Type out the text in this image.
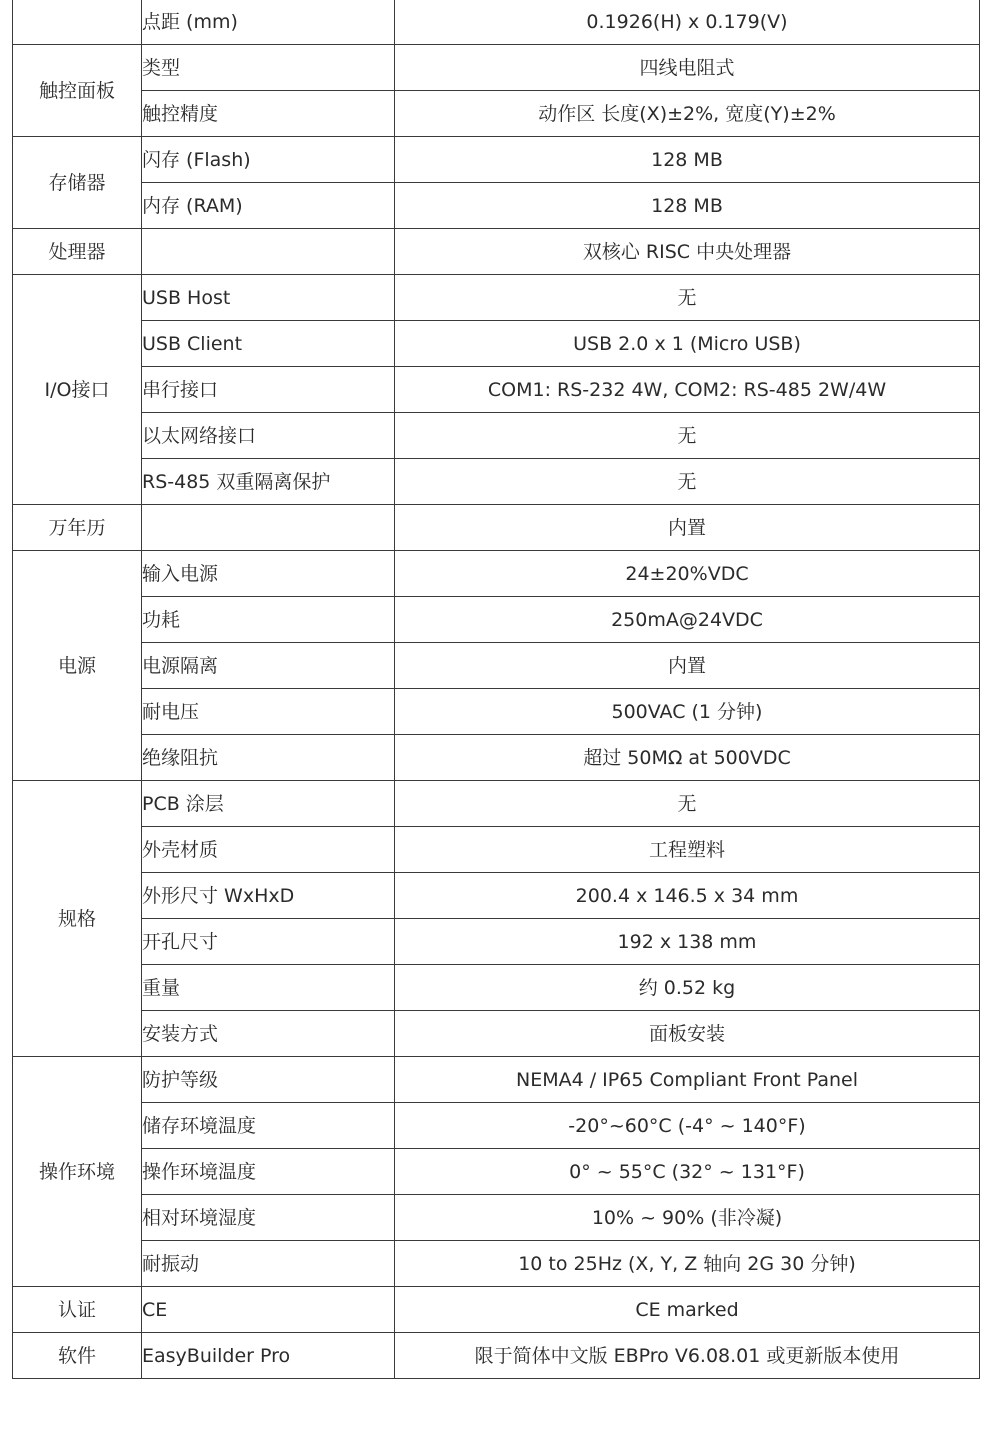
	点距 (mm)	0.1926(H) x 0.179(V)
触控面板	类型	四线电阻式
	触控精度	动作区 长度(X)±2%, 宽度(Y)±2%
存储器	闪存 (Flash)	128 MB
	内存 (RAM)	128 MB
处理器		双核心 RISC 中央处理器
I/O接口	USB Host	无
	USB Client	USB 2.0 x 1 (Micro USB)
	串行接口	COM1: RS-232 4W, COM2: RS-485 2W/4W
	以太网络接口	无
	RS-485 双重隔离保护	无
万年历		内置
电源	输入电源	24±20%VDC
	功耗	250mA@24VDC
	电源隔离	内置
	耐电压	500VAC (1 分钟)
	绝缘阻抗	超过 50MΩ at 500VDC
规格	PCB 涂层	无
	外壳材质	工程塑料
	外形尺寸 WxHxD	200.4 x 146.5 x 34 mm
	开孔尺寸	192 x 138 mm
	重量	约 0.52 kg
	安装方式	面板安装
操作环境	防护等级	NEMA4 / IP65 Compliant Front Panel
	储存环境温度	-20°~60°C (-4° ~ 140°F)
	操作环境温度	0° ~ 55°C (32° ~ 131°F)
	相对环境湿度	10% ~ 90% (非冷凝)
	耐振动	10 to 25Hz (X, Y, Z 轴向 2G 30 分钟)
认证	CE	CE marked
软件	EasyBuilder Pro	限于简体中文版 EBPro V6.08.01 或更新版本使用
